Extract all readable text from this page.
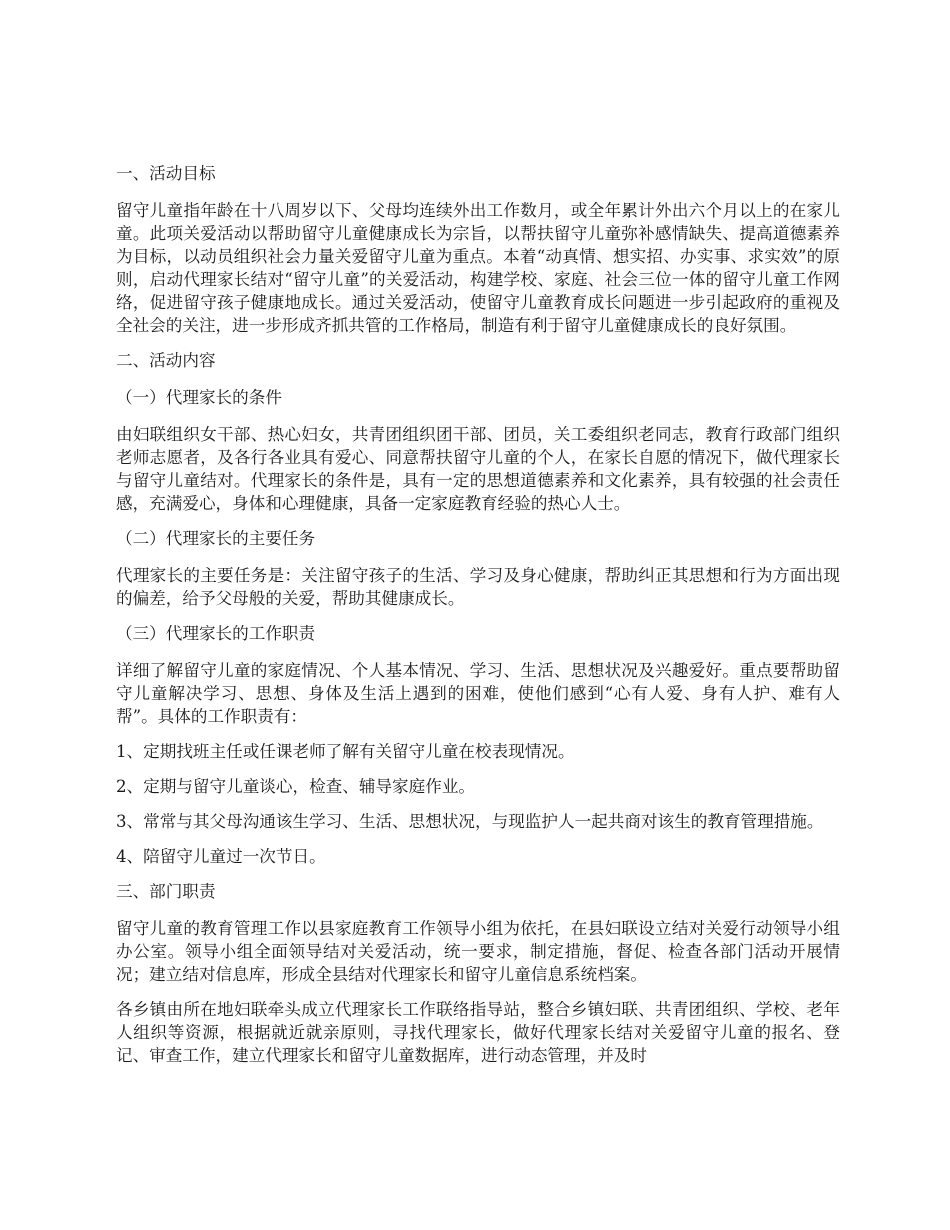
一、活动目标

留守儿童指年龄在十八周岁以下、父母均连续外出工作数月，或全年累计外出六个月以上的在家儿童。此项关爱活动以帮助留守儿童健康成长为宗旨，以帮扶留守儿童弥补感情缺失、提高道德素养为目标，以动员组织社会力量关爱留守儿童为重点。本着“动真情、想实招、办实事、求实效”的原则，启动代理家长结对“留守儿童”的关爱活动，构建学校、家庭、社会三位一体的留守儿童工作网络，促进留守孩子健康地成长。通过关爱活动，使留守儿童教育成长问题进一步引起政府的重视及全社会的关注，进一步形成齐抓共管的工作格局，制造有利于留守儿童健康成长的良好氛围。

二、活动内容

（一）代理家长的条件

由妇联组织女干部、热心妇女，共青团组织团干部、团员，关工委组织老同志，教育行政部门组织老师志愿者，及各行各业具有爱心、同意帮扶留守儿童的个人，在家长自愿的情况下，做代理家长与留守儿童结对。代理家长的条件是，具有一定的思想道德素养和文化素养，具有较强的社会责任感，充满爱心，身体和心理健康，具备一定家庭教育经验的热心人士。

（二）代理家长的主要任务

代理家长的主要任务是：关注留守孩子的生活、学习及身心健康，帮助纠正其思想和行为方面出现的偏差，给予父母般的关爱，帮助其健康成长。

（三）代理家长的工作职责

详细了解留守儿童的家庭情况、个人基本情况、学习、生活、思想状况及兴趣爱好。重点要帮助留守儿童解决学习、思想、身体及生活上遇到的困难，使他们感到“心有人爱、身有人护、难有人帮”。具体的工作职责有：

1、定期找班主任或任课老师了解有关留守儿童在校表现情况。

2、定期与留守儿童谈心，检查、辅导家庭作业。

3、常常与其父母沟通该生学习、生活、思想状况，与现监护人一起共商对该生的教育管理措施。

4、陪留守儿童过一次节日。

三、部门职责

留守儿童的教育管理工作以县家庭教育工作领导小组为依托，在县妇联设立结对关爱行动领导小组办公室。领导小组全面领导结对关爱活动，统一要求，制定措施，督促、检查各部门活动开展情况；建立结对信息库，形成全县结对代理家长和留守儿童信息系统档案。

各乡镇由所在地妇联牵头成立代理家长工作联络指导站，整合乡镇妇联、共青团组织、学校、老年人组织等资源，根据就近就亲原则，寻找代理家长，做好代理家长结对关爱留守儿童的报名、登记、审查工作，建立代理家长和留守儿童数据库，进行动态管理，并及时
